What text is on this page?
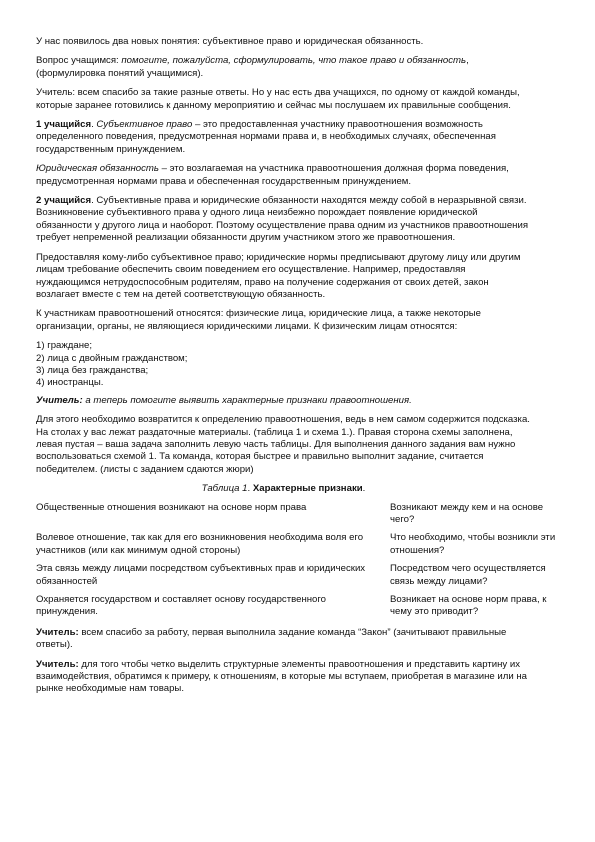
У нас появилось два новых понятия: субъективное право и юридическая обязанность.

Вопрос учащимся: помогите, пожалуйста, сформулировать, что такое право и обязанность, (формулировка понятий учащимися).

Учитель: всем спасибо за такие разные ответы. Но у нас есть два учащихся, по одному от каждой команды, которые заранее готовились к данному мероприятию и сейчас мы послушаем их правильные сообщения.

1 учащийся. Субъективное право – это предоставленная участнику правоотношения возможность определенного поведения, предусмотренная нормами права и, в необходимых случаях, обеспеченная государственным принуждением.

Юридическая обязанность – это возлагаемая на участника правоотношения должная форма поведения, предусмотренная нормами права и обеспеченная государственным принуждением.

2 учащийся. Субъективные права и юридические обязанности находятся между собой в неразрывной связи. Возникновение субъективного права у одного лица неизбежно порождает появление юридической обязанности у другого лица и наоборот. Поэтому осуществление права одним из участников правоотношения требует непременной реализации обязанности другим участником этого же правоотношения.

Предоставляя кому-либо субъективное право; юридические нормы предписывают другому лицу или другим лицам требование обеспечить своим поведением его осуществление. Например, предоставляя нуждающимся нетрудоспособным родителям, право на получение содержания от своих детей, закон возлагает вместе с тем на детей соответствующую обязанность.

К участникам правоотношений относятся: физические лица, юридические лица, а также некоторые организации, органы, не являющиеся юридическими лицами. К физическим лицам относятся:

1) граждане;
2) лица с двойным гражданством;
3) лица без гражданства;
4) иностранцы.

Учитель: а теперь помогите выявить характерные признаки правоотношения.

Для этого необходимо возвратится к определению правоотношения, ведь в нем самом содержится подсказка. На столах у вас лежат раздаточные материалы. (таблица 1 и схема 1.). Правая сторона схемы заполнена, левая пустая – ваша задача заполнить левую часть таблицы. Для выполнения данного задания вам нужно воспользоваться схемой 1. Та команда, которая быстрее и правильно выполнит задание, считается победителем. (листы с заданием сдаются жюри)

Таблица 1. Характерные признаки.

Общественные отношения возникают на основе норм права	Возникают между кем и на основе чего?
Волевое отношение, так как для его возникновения необходима воля его участников (или как минимум одной стороны)	Что необходимо, чтобы возникли эти отношения?
Эта связь между лицами посредством субъективных прав и юридических обязанностей	Посредством чего осуществляется связь между лицами?
Охраняется государством и составляет основу государственного принуждения.	Возникает на основе норм права, к чему это приводит?

Учитель: всем спасибо за работу, первая выполнила задание команда “Закон” (зачитывают правильные ответы).

Учитель: для того чтобы четко выделить структурные элементы правоотношения и представить картину их взаимодействия, обратимся к примеру, к отношениям, в которые мы вступаем, приобретая в магазине или на рынке необходимые нам товары.
